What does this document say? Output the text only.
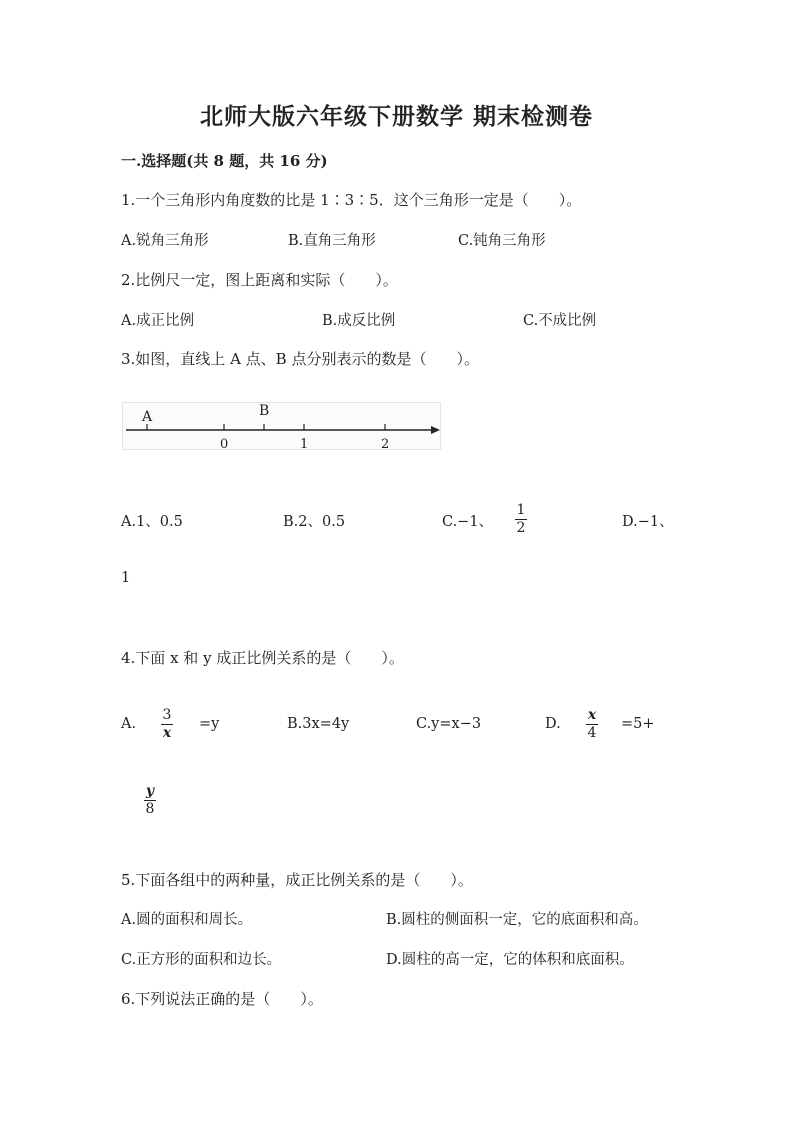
北师大版六年级下册数学 期末检测卷
一.选择题(共 8 题，共 16 分)
1.一个三角形内角度数的比是 1∶3∶5．这个三角形一定是（　　）。
A.锐角三角形	B.直角三角形	C.钝角三角形
2.比例尺一定，图上距离和实际（　　）。
A.成正比例	B.成反比例	C.不成比例
3.如图，直线上 A 点、B 点分别表示的数是（　　）。
A	B
0	1	2
A.1、0.5	B.2、0.5	C.−1、
1
2	D.−1、
1
4.下面 x 和 y 成正比例关系的是（　　）。
A.
3
x
=y	B.3x=4y	C.y=x−3	D.
x
4
=5+
y
8
5.下面各组中的两种量，成正比例关系的是（　　）。
A.圆的面积和周长。	B.圆柱的侧面积一定，它的底面积和高。
C.正方形的面积和边长。	D.圆柱的高一定，它的体积和底面积。
6.下列说法正确的是（　　）。
